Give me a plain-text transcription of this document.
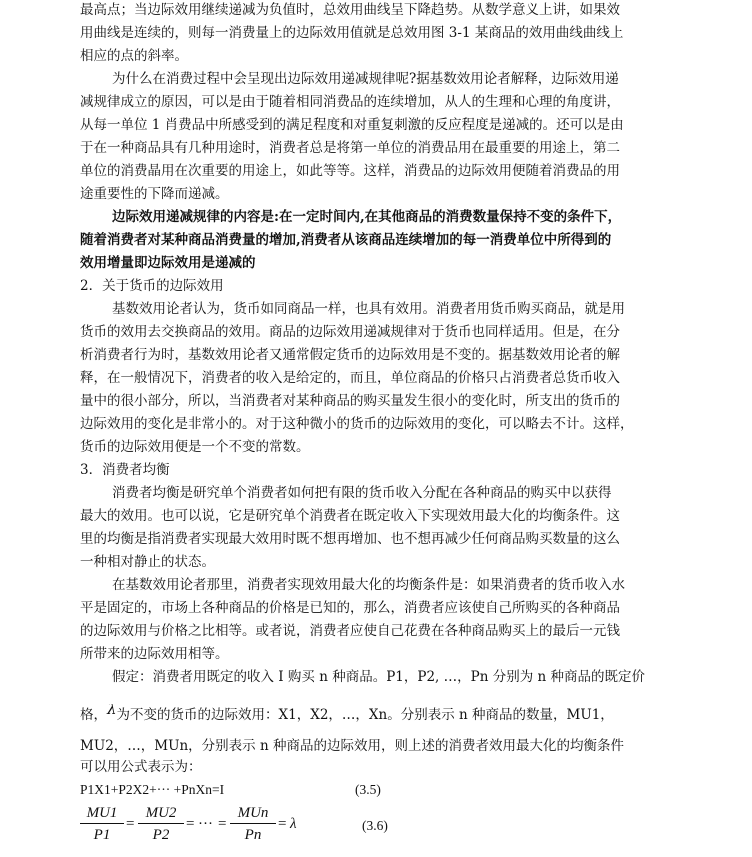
最高点；当边际效用继续递减为负值时，总效用曲线呈下降趋势。从数学意义上讲，如果效
用曲线是连续的，则每一消费量上的边际效用值就是总效用图 3-1 某商品的效用曲线曲线上
相应的点的斜率。
为什么在消费过程中会呈现出边际效用递减规律呢?据基数效用论者解释，边际效用递
减规律成立的原因，可以是由于随着相同消费品的连续增加，从人的生理和心理的角度讲，
从每一单位 1 肖费品中所感受到的满足程度和对重复刺激的反应程度是递减的。还可以是由
于在一种商品具有几种用途时，消费者总是将第一单位的消费品用在最重要的用途上，第二
单位的消费晶用在次重要的用途上，如此等等。这样，消费品的边际效用便随着消费品的用
途重要性的下降而递减。
边际效用递减规律的内容是:在一定时间内,在其他商品的消费数量保持不变的条件下，
随着消费者对某种商品消费量的增加,消费者从该商品连续增加的每一消费单位中所得到的
效用增量即边际效用是递减的
2．关于货币的边际效用
基数效用论者认为，货币如同商品一样，也具有效用。消费者用货币购买商品，就是用
货币的效用去交换商品的效用。商品的边际效用递减规律对于货币也同样适用。但是，在分
析消费者行为时，基数效用论者又通常假定货币的边际效用是不变的。据基数效用论者的解
释，在一般情况下，消费者的收入是给定的，而且，单位商品的价格只占消费者总货币收入
量中的很小部分，所以，当消费者对某种商品的购买量发生很小的变化时，所支出的货币的
边际效用的变化是非常小的。对于这种微小的货币的边际效用的变化，可以略去不计。这样，
货币的边际效用便是一个不变的常数。
3．消费者均衡
消费者均衡是研究单个消费者如何把有限的货币收入分配在各种商品的购买中以获得
最大的效用。也可以说，它是研究单个消费者在既定收入下实现效用最大化的均衡条件。这
里的均衡是指消费者实现最大效用时既不想再增加、也不想再减少任何商品购买数量的这么
一种相对静止的状态。
在基数效用论者那里，消费者实现效用最大化的均衡条件是：如果消费者的货币收入水
平是固定的，市场上各种商品的价格是已知的，那么，消费者应该使自己所购买的各种商品
的边际效用与价格之比相等。或者说，消费者应使自己花费在各种商品购买上的最后一元钱
所带来的边际效用相等。
假定：消费者用既定的收入 I 购买 n 种商品。P1，P2, …，Pn 分别为 n 种商品的既定价
格，λ为不变的货币的边际效用：X1，X2，…，Xn。分别表示 n 种商品的数量，MU1，
MU2，…，MUn，分别表示 n 种商品的边际效用，则上述的消费者效用最大化的均衡条件
可以用公式表示为：
P1X1+P2X2+··· +PnXn=I	(3.5)
MU1
P1
=
MU2
P2
= ··· =
MUn
Pn
= λ	(3.6)
